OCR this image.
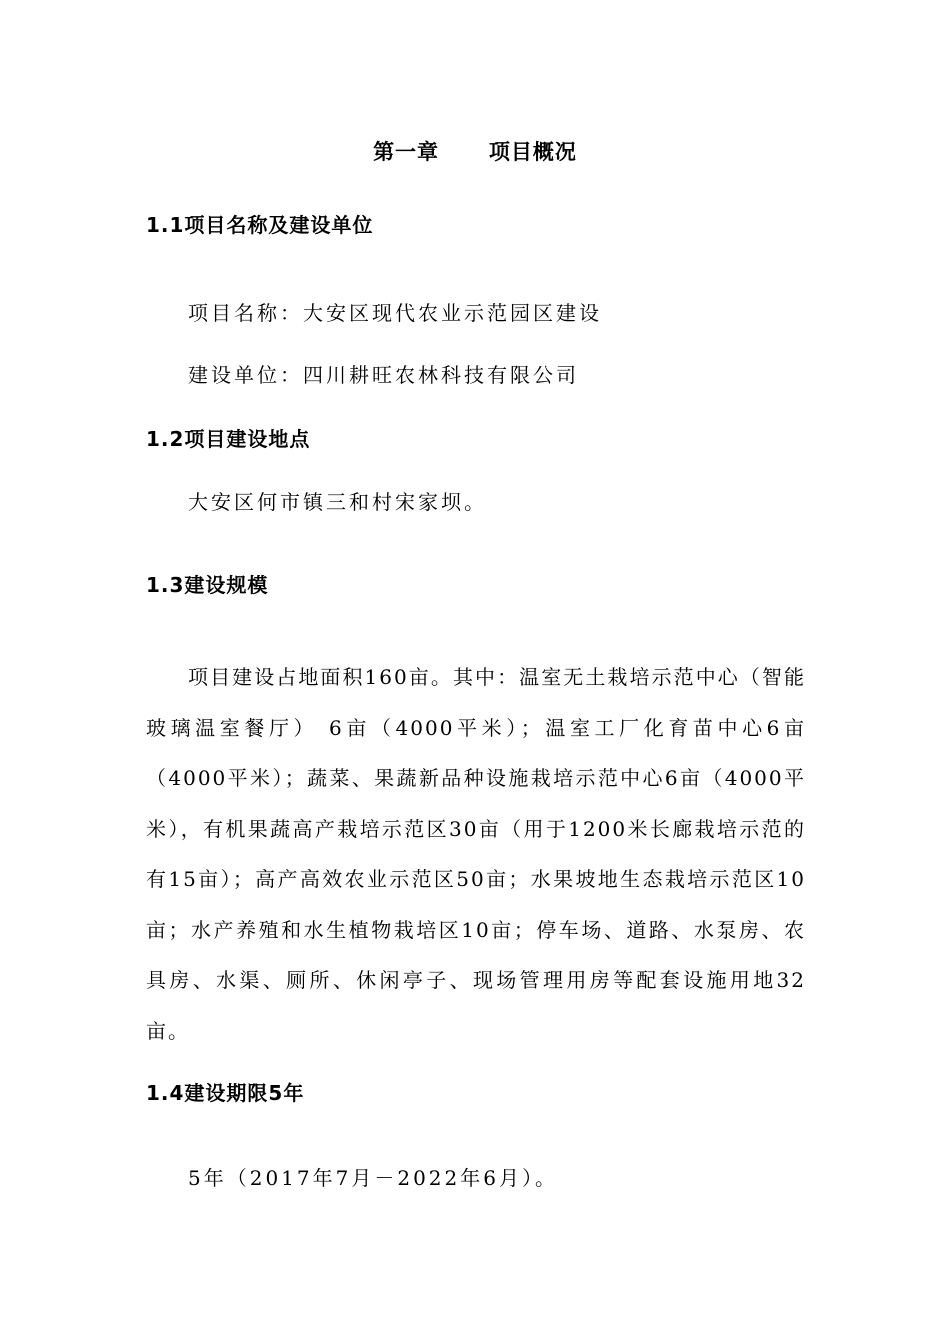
第一章      项目概况
1.1项目名称及建设单位
项目名称：大安区现代农业示范园区建设
建设单位：四川耕旺农林科技有限公司
1.2项目建设地点
大安区何市镇三和村宋家坝。
1.3建设规模

项目建设占地面积160亩。其中：温室无土栽培示范中心（智能玻璃温室餐厅） 6亩（4000平米）；温室工厂化育苗中心6亩（4000平米）；蔬菜、果蔬新品种设施栽培示范中心6亩（4000平米），有机果蔬高产栽培示范区30亩（用于1200米长廊栽培示范的有15亩）；高产高效农业示范区50亩；水果坡地生态栽培示范区10亩；水产养殖和水生植物栽培区10亩；停车场、道路、水泵房、农具房、水渠、厕所、休闲亭子、现场管理用房等配套设施用地32亩。

1.4建设期限5年
5年（2017年7月－2022年6月）。
